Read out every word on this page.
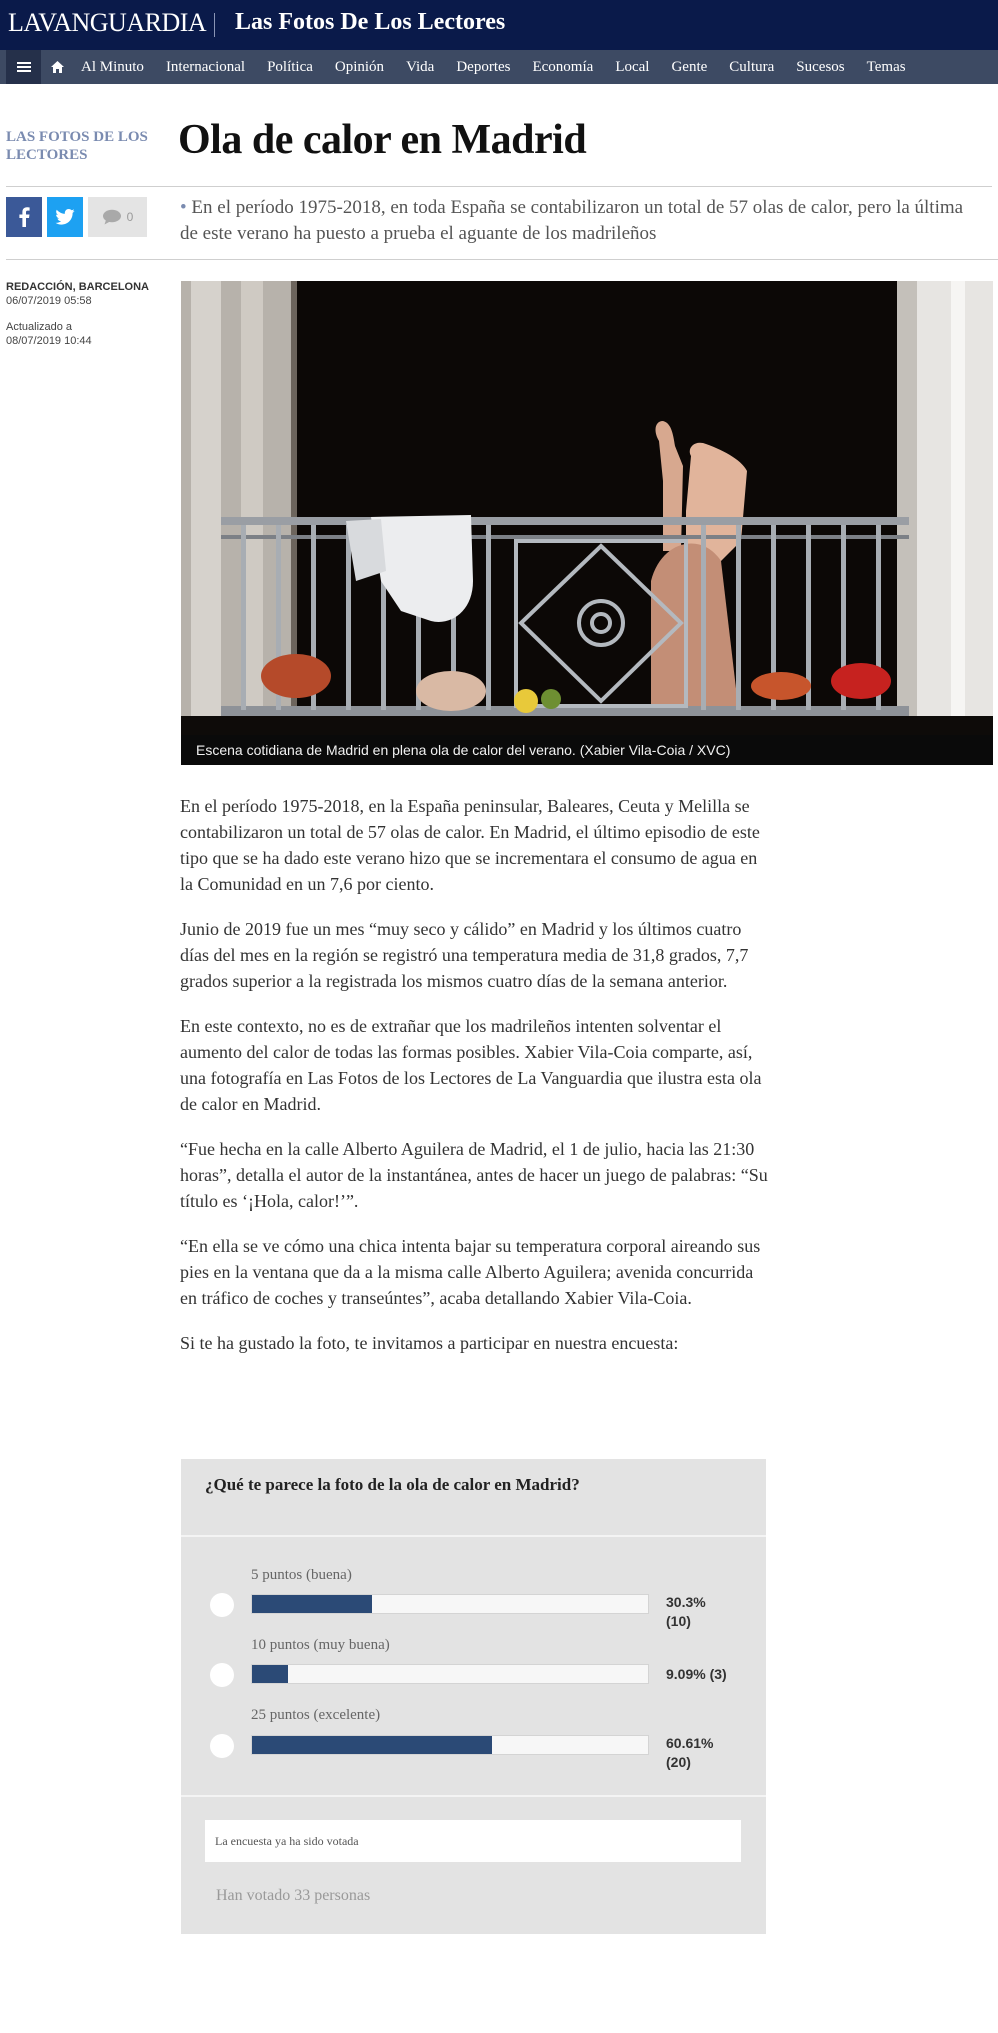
LAVANGUARDIA Las Fotos De Los Lectores
Al Minuto	Internacional	Política	Opinión	Vida	Deportes	Economía	Local	Gente	Cultura	Sucesos	Temas
LAS FOTOS DE LOS LECTORES	Ola de calor en Madrid
0 • En el período 1975-2018, en toda España se contabilizaron un total de 57 olas de calor, pero la última de este verano ha puesto a prueba el aguante de los madrileños
REDACCIÓN, BARCELONA
06/07/2019 05:58
Actualizado a
08/07/2019 10:44
Escena cotidiana de Madrid en plena ola de calor del verano. (Xabier Vila-Coia / XVC)

En el período 1975-2018, en la España peninsular, Baleares, Ceuta y Melilla se contabilizaron un total de 57 olas de calor. En Madrid, el último episodio de este tipo que se ha dado este verano hizo que se incrementara el consumo de agua en la Comunidad en un 7,6 por ciento.

Junio de 2019 fue un mes “muy seco y cálido” en Madrid y los últimos cuatro días del mes en la región se registró una temperatura media de 31,8 grados, 7,7 grados superior a la registrada los mismos cuatro días de la semana anterior.

En este contexto, no es de extrañar que los madrileños intenten solventar el aumento del calor de todas las formas posibles. Xabier Vila-Coia comparte, así, una fotografía en Las Fotos de los Lectores de La Vanguardia que ilustra esta ola de calor en Madrid.

“Fue hecha en la calle Alberto Aguilera de Madrid, el 1 de julio, hacia las 21:30 horas”, detalla el autor de la instantánea, antes de hacer un juego de palabras: “Su título es ‘¡Hola, calor!’”.

“En ella se ve cómo una chica intenta bajar su temperatura corporal aireando sus pies en la ventana que da a la misma calle Alberto Aguilera; avenida concurrida en tráfico de coches y transeúntes”, acaba detallando Xabier Vila-Coia.

Si te ha gustado la foto, te invitamos a participar en nuestra encuesta:

¿Qué te parece la foto de la ola de calor en Madrid?
5 puntos (buena)
30.3%
(10)
10 puntos (muy buena)
9.09% (3)
25 puntos (excelente)
60.61%
(20)
La encuesta ya ha sido votada
Han votado 33 personas
